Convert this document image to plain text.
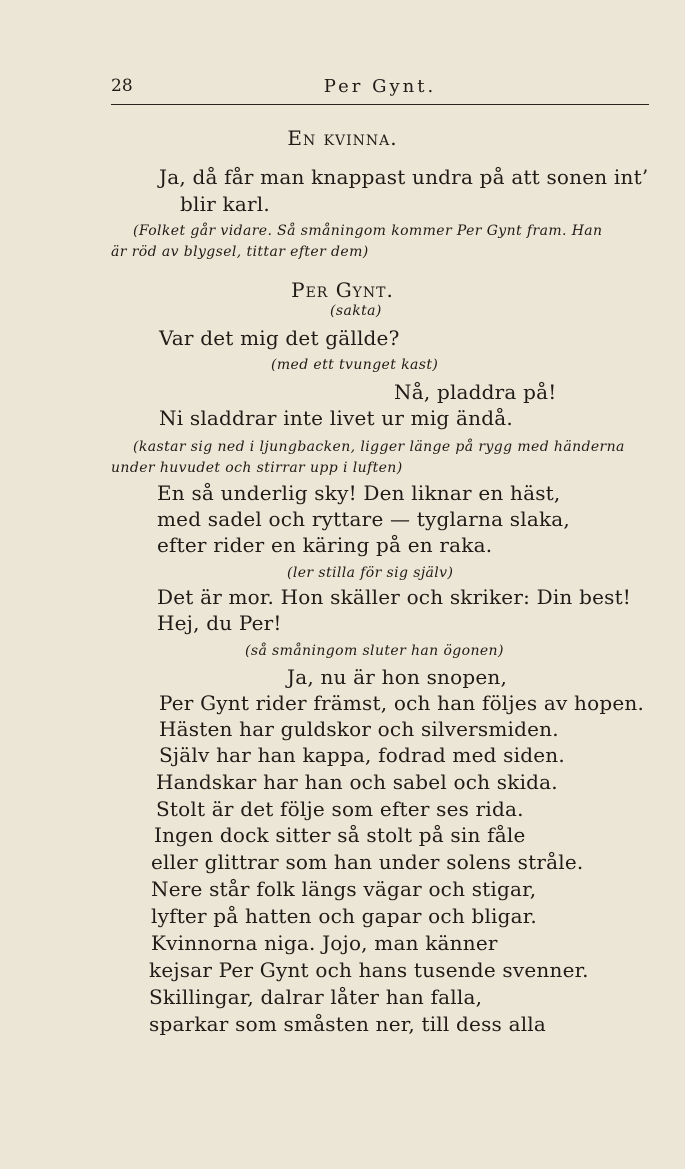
28	Per Gynt.
En kvinna.
Ja, då får man knappast undra på att sonen int’
blir karl.
(Folket går vidare. Så småningom kommer Per Gynt fram. Han
är röd av blygsel, tittar efter dem)
Per Gynt.
(sakta)
Var det mig det gällde?
(med ett tvunget kast)
Nå, pladdra på!
Ni sladdrar inte livet ur mig ändå.
(kastar sig ned i ljungbacken, ligger länge på rygg med händerna
under huvudet och stirrar upp i luften)
En så underlig sky! Den liknar en häst,
med sadel och ryttare — tyglarna slaka,
efter rider en käring på en raka.
(ler stilla för sig själv)
Det är mor. Hon skäller och skriker: Din best!
Hej, du Per!
(så småningom sluter han ögonen)
Ja, nu är hon snopen,
Per Gynt rider främst, och han följes av hopen.
Hästen har guldskor och silversmiden.
Själv har han kappa, fodrad med siden.
Handskar har han och sabel och skida.
Stolt är det följe som efter ses rida.
Ingen dock sitter så stolt på sin fåle
eller glittrar som han under solens stråle.
Nere står folk längs vägar och stigar,
lyfter på hatten och gapar och bligar.
Kvinnorna niga. Jojo, man känner
kejsar Per Gynt och hans tusende svenner.
Skillingar, dalrar låter han falla,
sparkar som småsten ner, till dess alla
